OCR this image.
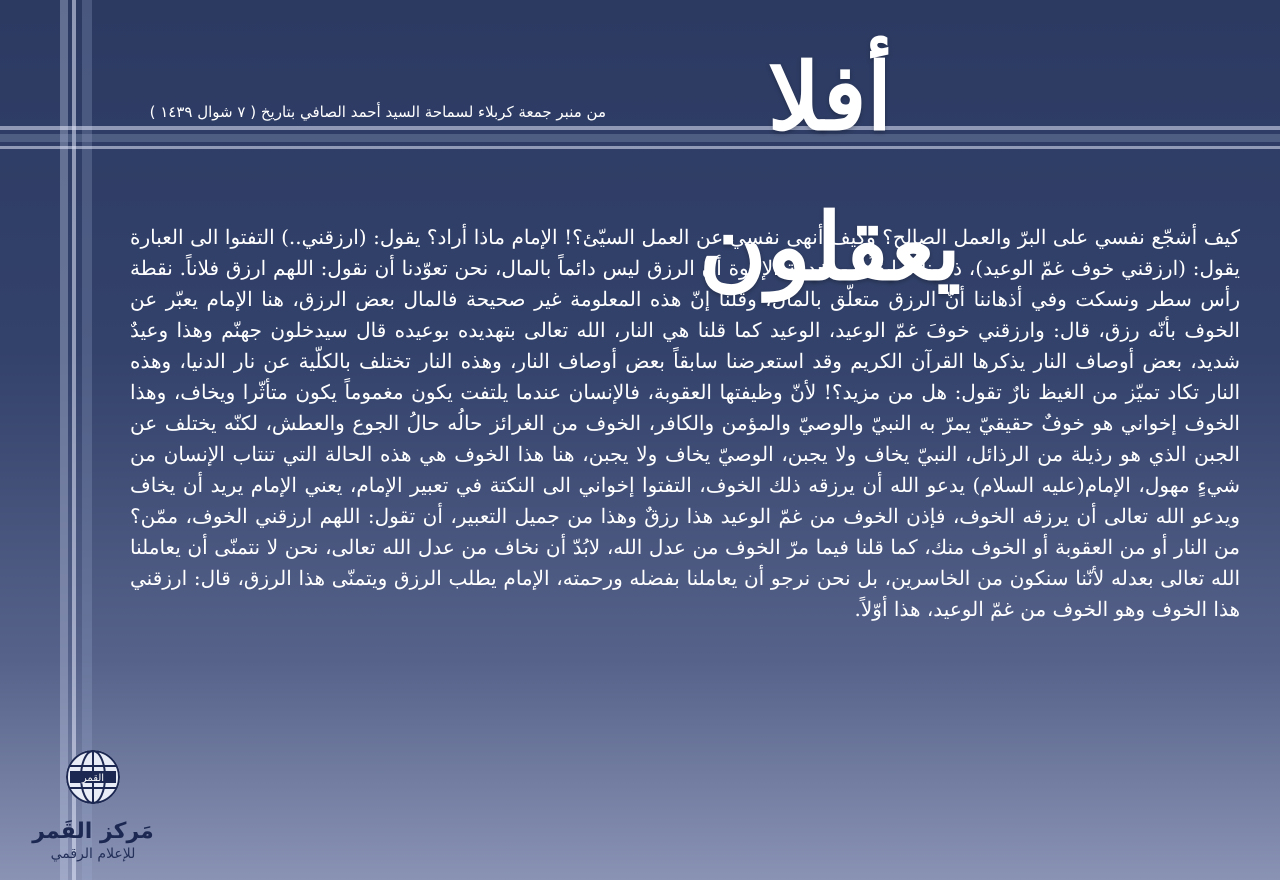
أفلا يعقلون
من منبر جمعة كربلاء لسماحة السيد أحمد الصافي بتاريخ ( ٧ شوال ١٤٣٩ )
كيف أشجّع نفسي على البرّ والعمل الصالح؟ وكيف أنهى نفسي عن العمل السيّئ؟! الإمام ماذا أراد؟ يقول: (ارزقني..) التفتوا الى العبارة يقول: (ارزقني خوف غمّ الوعيد)، ذكرنا سابقاً في خدمة الإخوة أنّ الرزق ليس دائماً بالمال، نحن تعوّدنا أن نقول: اللهم ارزق فلاناً. نقطة رأس سطر ونسكت وفي أذهاننا أنّ الرزق متعلّق بالمال، وقلنا إنّ هذه المعلومة غير صحيحة فالمال بعض الرزق، هنا الإمام يعبّر عن الخوف بأنّه رزق، قال: وارزقني خوفَ غمّ الوعيد، الوعيد كما قلنا هي النار، الله تعالى بتهديده بوعيده قال سيدخلون جهنّم وهذا وعيدٌ شديد، بعض أوصاف النار يذكرها القرآن الكريم وقد استعرضنا سابقاً بعض أوصاف النار، وهذه النار تختلف بالكلّية عن نار الدنيا، وهذه النار تكاد تميّز من الغيظ نارٌ تقول: هل من مزيد؟! لأنّ وظيفتها العقوبة، فالإنسان عندما يلتفت يكون مغموماً يكون متأثّرا ويخاف، وهذا الخوف إخواني هو خوفٌ حقيقيّ يمرّ به النبيّ والوصيّ والمؤمن والكافر، الخوف من الغرائز حالُه حالُ الجوع والعطش، لكنّه يختلف عن الجبن الذي هو رذيلة من الرذائل، النبيّ يخاف ولا يجبن، الوصيّ يخاف ولا يجبن، هنا هذا الخوف هي هذه الحالة التي تنتاب الإنسان من شيءٍ مهول، الإمام(عليه السلام) يدعو الله أن يرزقه ذلك الخوف، التفتوا إخواني الى النكتة في تعبير الإمام، يعني الإمام يريد أن يخاف ويدعو الله تعالى أن يرزقه الخوف، فإذن الخوف من غمّ الوعيد هذا رزقٌ وهذا من جميل التعبير، أن تقول: اللهم ارزقني الخوف، ممّن؟ من النار أو من العقوبة أو الخوف منك، كما قلنا فيما مرّ الخوف من عدل الله، لابُدّ أن نخاف من عدل الله تعالى، نحن لا نتمنّى أن يعاملنا الله تعالى بعدله لأنّنا سنكون من الخاسرين، بل نحن نرجو أن يعاملنا بفضله ورحمته، الإمام يطلب الرزق ويتمنّى هذا الرزق، قال: ارزقني هذا الخوف وهو الخوف من غمّ الوعيد، هذا أوّلاً.
القمر
مَركز القَمر
للإعلام الرقمي
